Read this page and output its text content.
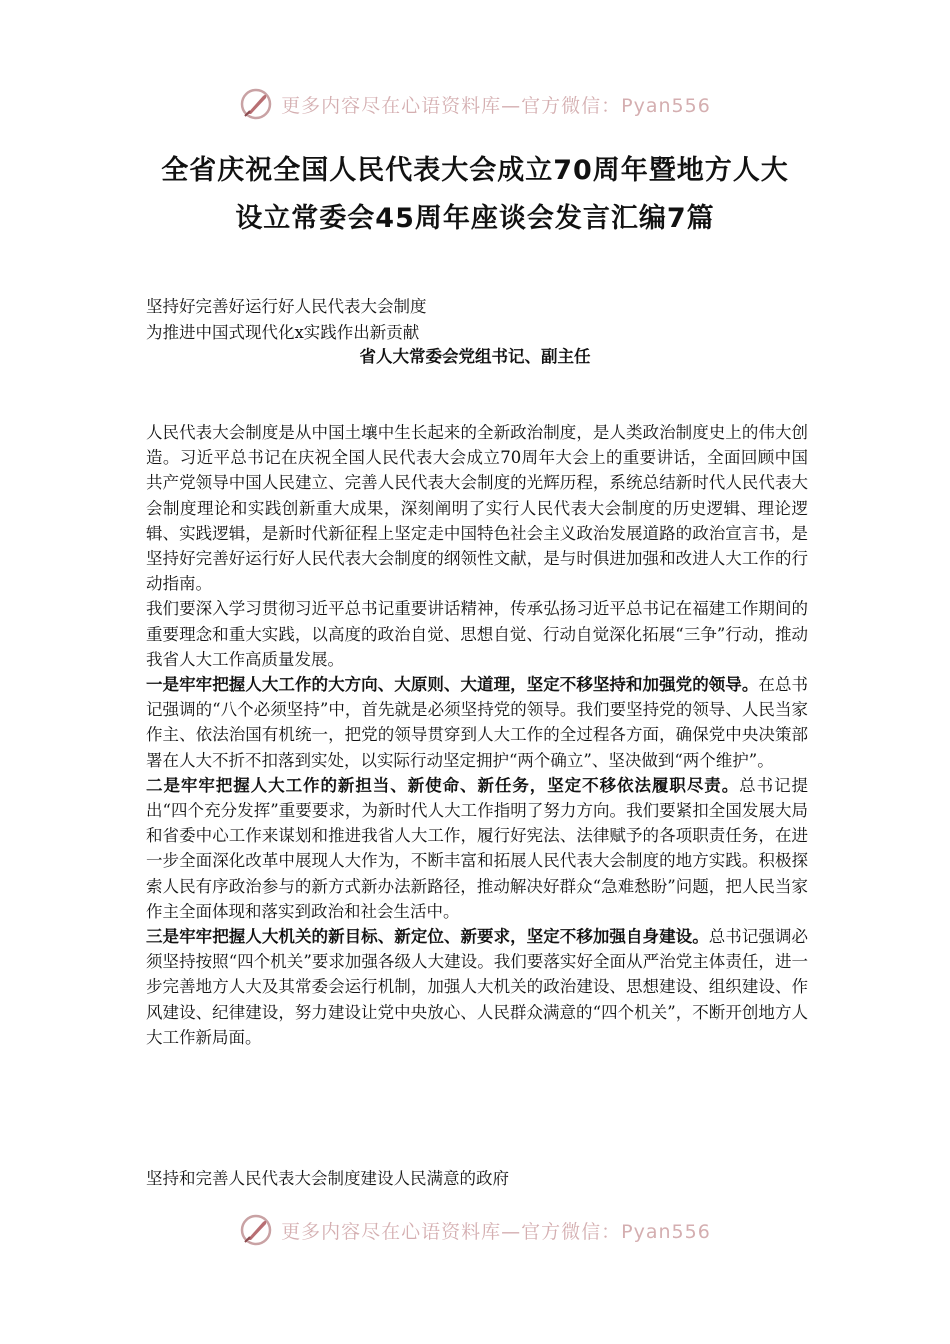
更多内容尽在心语资料库—官方微信：Pyan556
全省庆祝全国人民代表大会成立70周年暨地方人大
设立常委会45周年座谈会发言汇编7篇
坚持好完善好运行好人民代表大会制度
为推进中国式现代化x实践作出新贡献
省人大常委会党组书记、副主任

人民代表大会制度是从中国土壤中生长起来的全新政治制度，是人类政治制度史上的伟大创造。习近平总书记在庆祝全国人民代表大会成立70周年大会上的重要讲话，全面回顾中国共产党领导中国人民建立、完善人民代表大会制度的光辉历程，系统总结新时代人民代表大会制度理论和实践创新重大成果，深刻阐明了实行人民代表大会制度的历史逻辑、理论逻辑、实践逻辑，是新时代新征程上坚定走中国特色社会主义政治发展道路的政治宣言书，是坚持好完善好运行好人民代表大会制度的纲领性文献，是与时俱进加强和改进人大工作的行动指南。

我们要深入学习贯彻习近平总书记重要讲话精神，传承弘扬习近平总书记在福建工作期间的重要理念和重大实践，以高度的政治自觉、思想自觉、行动自觉深化拓展“三争”行动，推动我省人大工作高质量发展。

一是牢牢把握人大工作的大方向、大原则、大道理，坚定不移坚持和加强党的领导。在总书记强调的“八个必须坚持”中，首先就是必须坚持党的领导。我们要坚持党的领导、人民当家作主、依法治国有机统一，把党的领导贯穿到人大工作的全过程各方面，确保党中央决策部署在人大不折不扣落到实处，以实际行动坚定拥护“两个确立”、坚决做到“两个维护”。

二是牢牢把握人大工作的新担当、新使命、新任务，坚定不移依法履职尽责。总书记提出“四个充分发挥”重要要求，为新时代人大工作指明了努力方向。我们要紧扣全国发展大局和省委中心工作来谋划和推进我省人大工作，履行好宪法、法律赋予的各项职责任务，在进一步全面深化改革中展现人大作为，不断丰富和拓展人民代表大会制度的地方实践。积极探索人民有序政治参与的新方式新办法新路径，推动解决好群众“急难愁盼”问题，把人民当家作主全面体现和落实到政治和社会生活中。

三是牢牢把握人大机关的新目标、新定位、新要求，坚定不移加强自身建设。总书记强调必须坚持按照“四个机关”要求加强各级人大建设。我们要落实好全面从严治党主体责任，进一步完善地方人大及其常委会运行机制，加强人大机关的政治建设、思想建设、组织建设、作风建设、纪律建设，努力建设让党中央放心、人民群众满意的“四个机关”，不断开创地方人大工作新局面。

坚持和完善人民代表大会制度建设人民满意的政府
更多内容尽在心语资料库—官方微信：Pyan556
